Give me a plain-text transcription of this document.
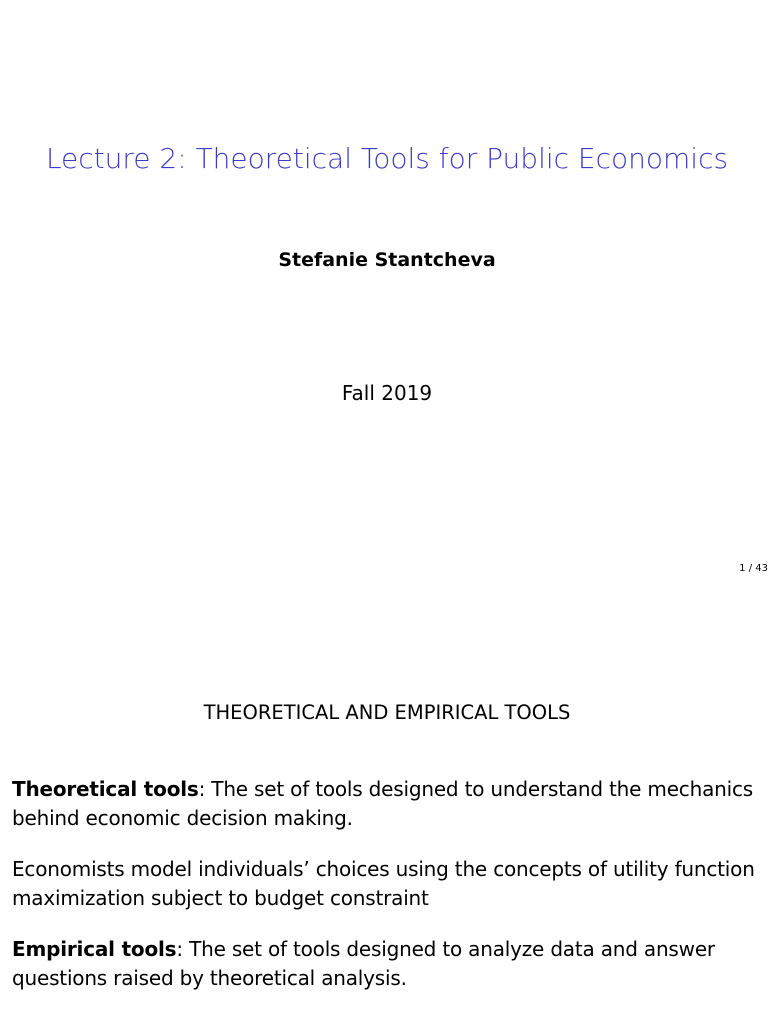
Lecture 2: Theoretical Tools for Public Economics
Stefanie Stantcheva
Fall 2019
1 / 43
THEORETICAL AND EMPIRICAL TOOLS
Theoretical tools: The set of tools designed to understand the mechanics behind economic decision making.
Economists model individuals’ choices using the concepts of utility function maximization subject to budget constraint
Empirical tools: The set of tools designed to analyze data and answer questions raised by theoretical analysis.
